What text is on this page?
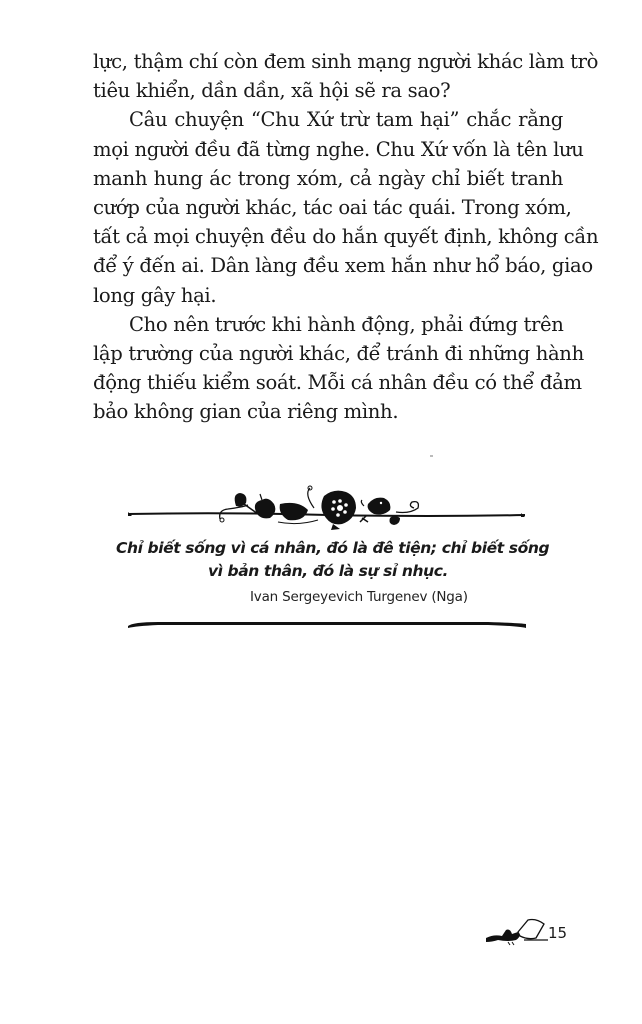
lực, thậm chí còn đem sinh mạng người khác làm trò
tiêu khiển, dần dần, xã hội sẽ ra sao?
Câu chuyện “Chu Xứ trừ tam hại” chắc rằng
mọi người đều đã từng nghe. Chu Xứ vốn là tên lưu
manh hung ác trong xóm, cả ngày chỉ biết tranh
cướp của người khác, tác oai tác quái. Trong xóm,
tất cả mọi chuyện đều do hắn quyết định, không cần
để ý đến ai. Dân làng đều xem hắn như hổ báo, giao
long gây hại.
Cho nên trước khi hành động, phải đứng trên
lập trường của người khác, để tránh đi những hành
động thiếu kiểm soát. Mỗi cá nhân đều có thể đảm
bảo không gian của riêng mình.
Chỉ biết sống vì cá nhân, đó là đê tiện; chỉ biết sống
vì bản thân, đó là sự sỉ nhục.
Ivan Sergeyevich Turgenev (Nga)
15
